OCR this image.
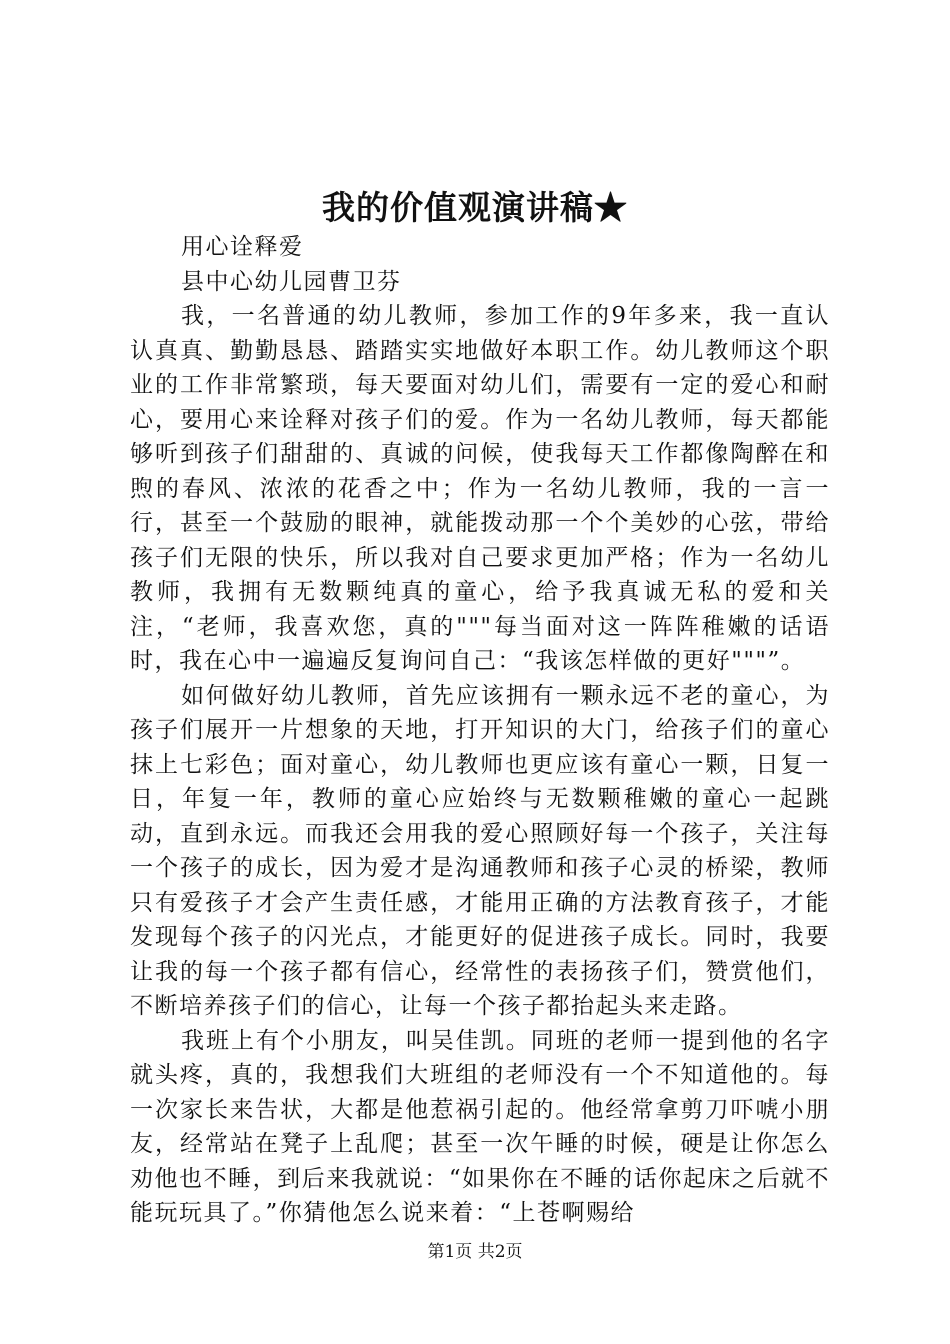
我的价值观演讲稿★

用心诠释爱

县中心幼儿园曹卫芬

我，一名普通的幼儿教师，参加工作的9年多来，我一直认认真真、勤勤恳恳、踏踏实实地做好本职工作。幼儿教师这个职业的工作非常繁琐，每天要面对幼儿们，需要有一定的爱心和耐心，要用心来诠释对孩子们的爱。作为一名幼儿教师，每天都能够听到孩子们甜甜的、真诚的问候，使我每天工作都像陶醉在和煦的春风、浓浓的花香之中；作为一名幼儿教师，我的一言一行，甚至一个鼓励的眼神，就能拨动那一个个美妙的心弦，带给孩子们无限的快乐，所以我对自己要求更加严格；作为一名幼儿教师，我拥有无数颗纯真的童心，给予我真诚无私的爱和关注，“老师，我喜欢您，真的"""每当面对这一阵阵稚嫩的话语时，我在心中一遍遍反复询问自己：“我该怎样做的更好"""”。

如何做好幼儿教师，首先应该拥有一颗永远不老的童心，为孩子们展开一片想象的天地，打开知识的大门，给孩子们的童心抹上七彩色；面对童心，幼儿教师也更应该有童心一颗，日复一日，年复一年，教师的童心应始终与无数颗稚嫩的童心一起跳动，直到永远。而我还会用我的爱心照顾好每一个孩子，关注每一个孩子的成长，因为爱才是沟通教师和孩子心灵的桥梁，教师只有爱孩子才会产生责任感，才能用正确的方法教育孩子，才能发现每个孩子的闪光点，才能更好的促进孩子成长。同时，我要让我的每一个孩子都有信心，经常性的表扬孩子们，赞赏他们，不断培养孩子们的信心，让每一个孩子都抬起头来走路。

我班上有个小朋友，叫吴佳凯。同班的老师一提到他的名字就头疼，真的，我想我们大班组的老师没有一个不知道他的。每一次家长来告状，大都是他惹祸引起的。他经常拿剪刀吓唬小朋友，经常站在凳子上乱爬；甚至一次午睡的时候，硬是让你怎么劝他也不睡，到后来我就说：“如果你在不睡的话你起床之后就不能玩玩具了。”你猜他怎么说来着：“上苍啊赐给

第1页 共2页
